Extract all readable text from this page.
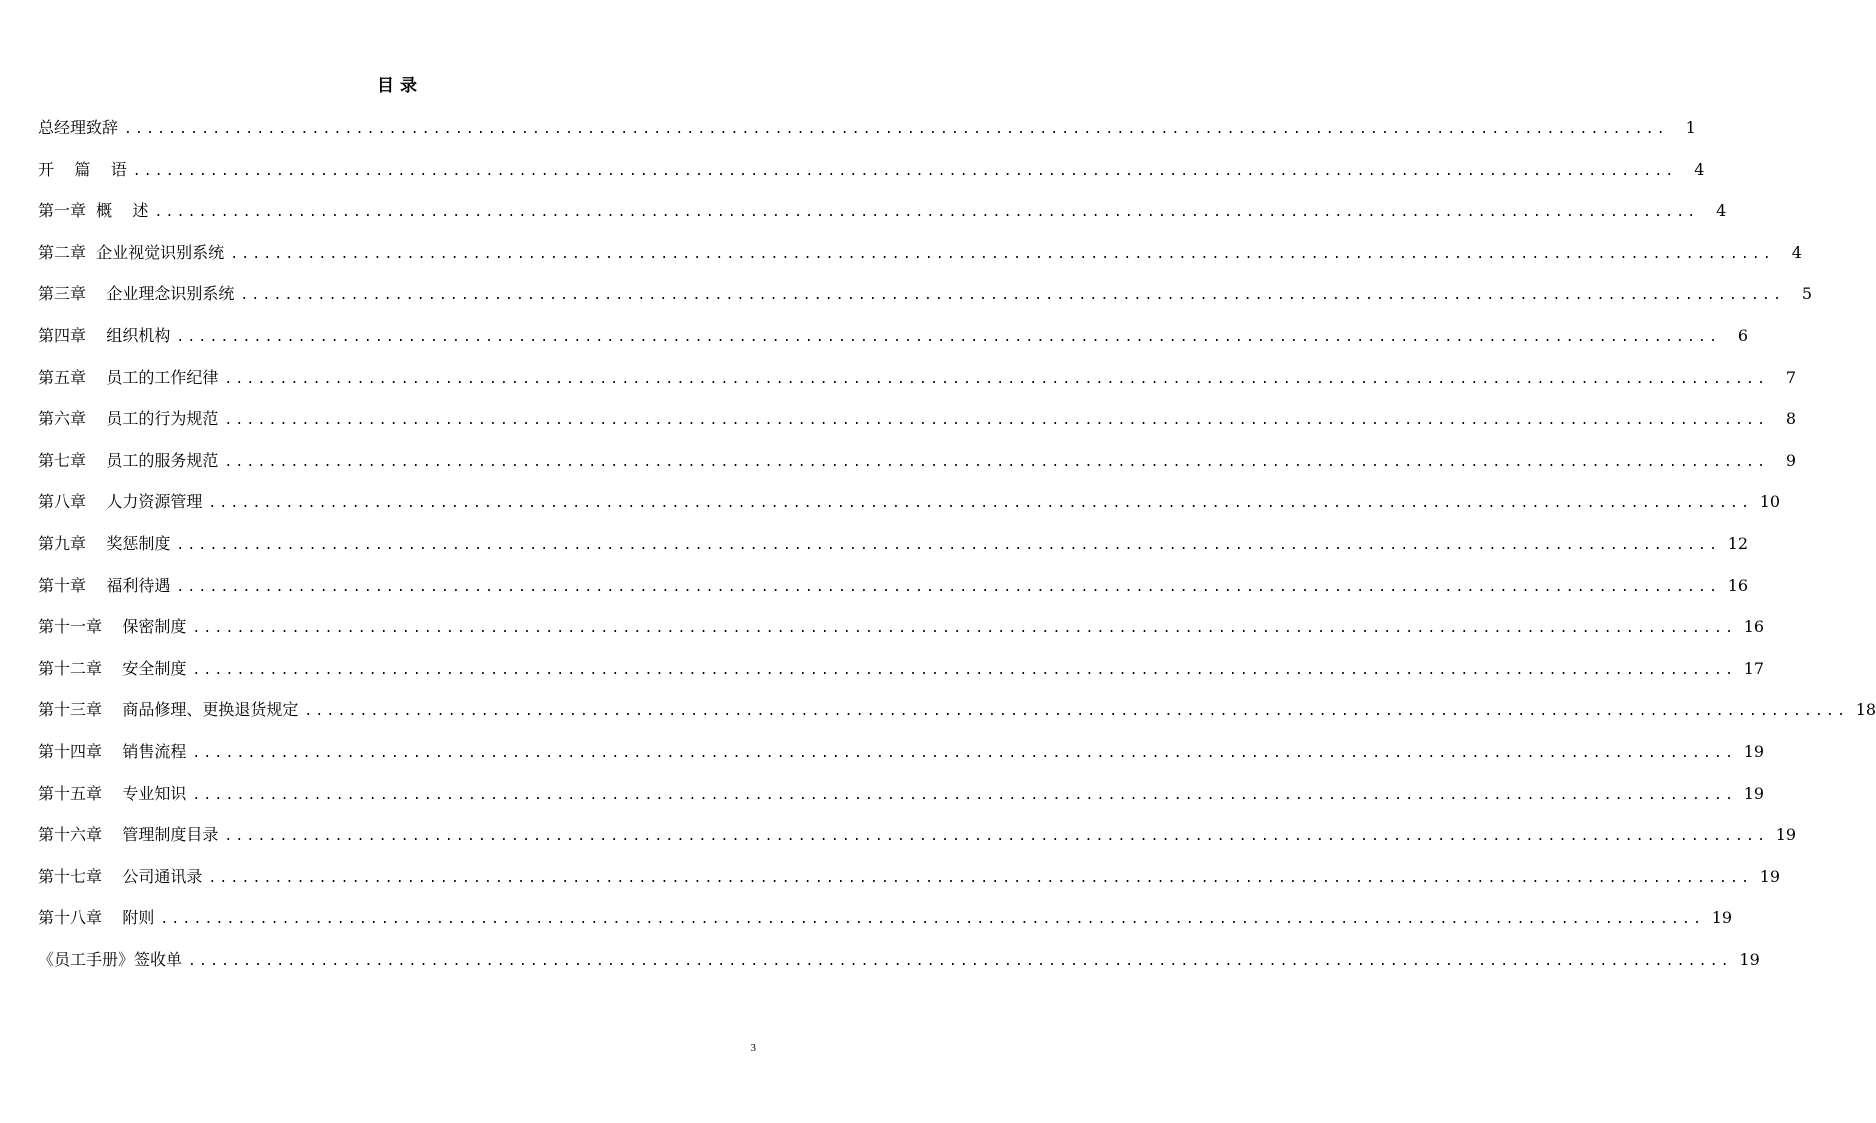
目 录
总经理致辞 ............................................................................................................................................	1
开    篇    语 ............................................................................................................................................	4
第一章  概    述 ............................................................................................................................................	4
第二章  企业视觉识别系统 ............................................................................................................................................	4
第三章    企业理念识别系统 ............................................................................................................................................	5
第四章    组织机构 ............................................................................................................................................	6
第五章    员工的工作纪律 ............................................................................................................................................	7
第六章    员工的行为规范 ............................................................................................................................................	8
第七章    员工的服务规范 ............................................................................................................................................	9
第八章    人力资源管理 ............................................................................................................................................ 10
第九章    奖惩制度 ............................................................................................................................................ 12
第十章    福利待遇 ............................................................................................................................................ 16
第十一章    保密制度 ............................................................................................................................................ 16
第十二章    安全制度 ............................................................................................................................................ 17
第十三章    商品修理、更换退货规定 ............................................................................................................................................ 18
第十四章    销售流程 ............................................................................................................................................ 19
第十五章    专业知识 ............................................................................................................................................ 19
第十六章    管理制度目录 ............................................................................................................................................ 19
第十七章    公司通讯录 ............................................................................................................................................ 19
第十八章    附则 ............................................................................................................................................ 19
《员工手册》签收单 ............................................................................................................................................ 19
3
